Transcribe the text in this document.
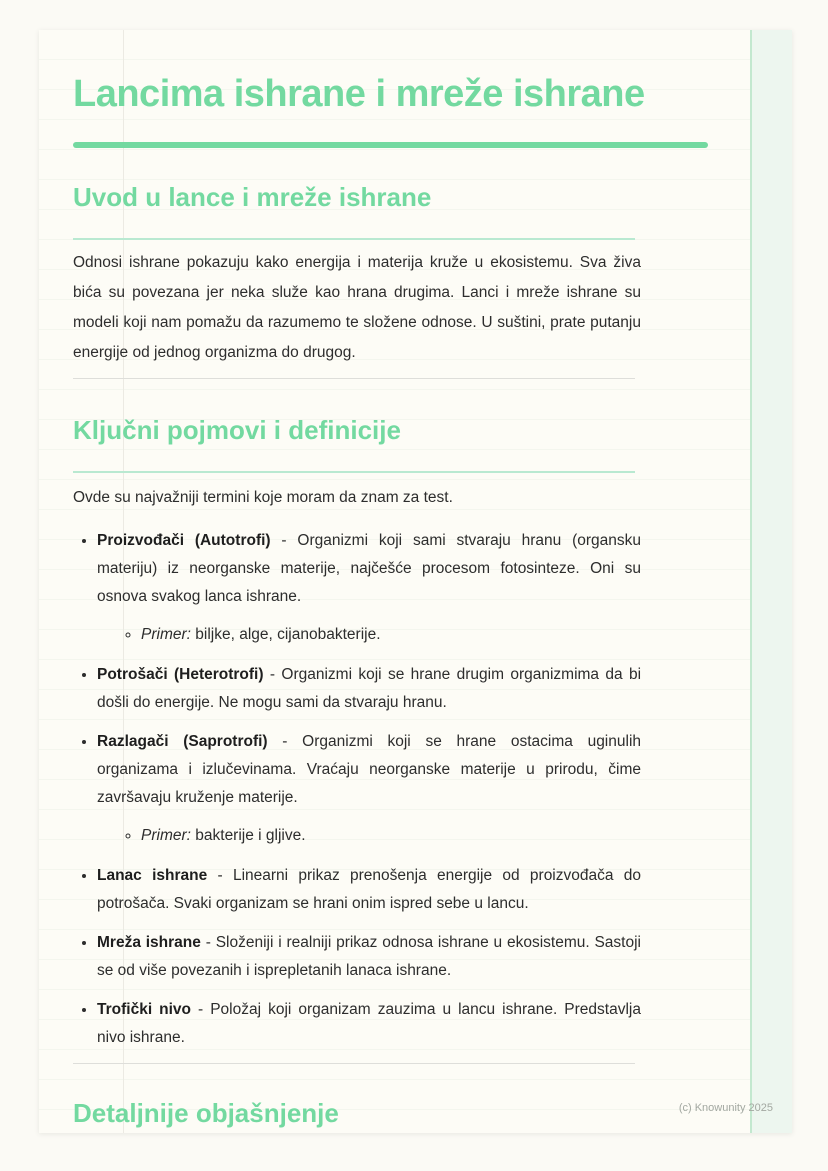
Lancima ishrane i mreže ishrane
Uvod u lance i mreže ishrane

Odnosi ishrane pokazuju kako energija i materija kruže u ekosistemu. Sva živa bića su povezana jer neka služe kao hrana drugima. Lanci i mreže ishrane su modeli koji nam pomažu da razumemo te složene odnose. U suštini, prate putanju energije od jednog organizma do drugog.

Ključni pojmovi i definicije

Ovde su najvažniji termini koje moram da znam za test.

• Proizvođači (Autotrofi) - Organizmi koji sami stvaraju hranu (organsku materiju) iz neorganske materije, najčešće procesom fotosinteze. Oni su osnova svakog lanca ishrane.
◦ Primer: biljke, alge, cijanobakterije.
• Potrošači (Heterotrofi) - Organizmi koji se hrane drugim organizmima da bi došli do energije. Ne mogu sami da stvaraju hranu.
• Razlagači (Saprotrofi) - Organizmi koji se hrane ostacima uginulih organizama i izlučevinama. Vraćaju neorganske materije u prirodu, čime završavaju kruženje materije.
◦ Primer: bakterije i gljive.
• Lanac ishrane - Linearni prikaz prenošenja energije od proizvođača do potrošača. Svaki organizam se hrani onim ispred sebe u lancu.
• Mreža ishrane - Složeniji i realniji prikaz odnosa ishrane u ekosistemu. Sastoji se od više povezanih i isprepletanih lanaca ishrane.
• Trofički nivo - Položaj koji organizam zauzima u lancu ishrane. Predstavlja nivo ishrane.
Detaljnije objašnjenje	(c) Knowunity 2025
